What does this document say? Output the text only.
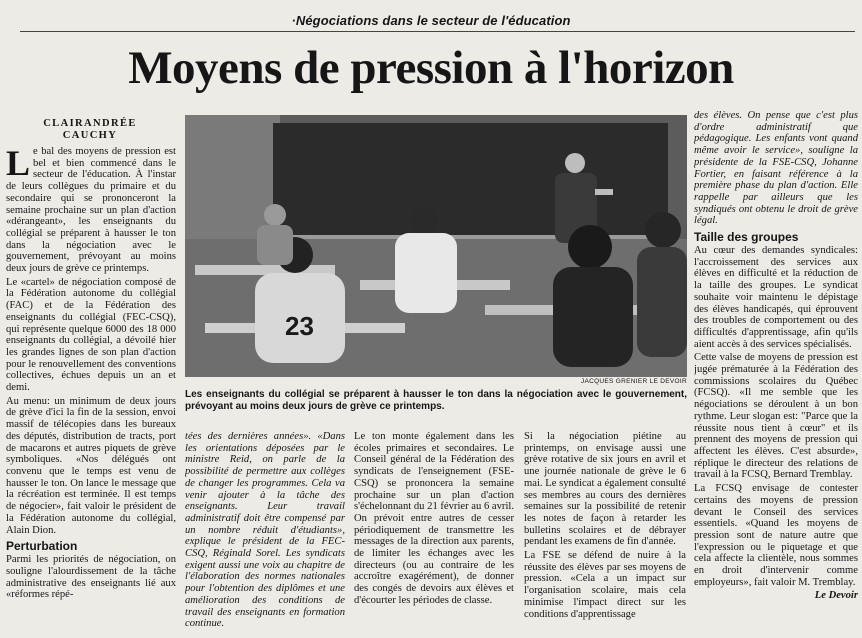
·Négociations dans le secteur de l'éducation
Moyens de pression à l'horizon
CLAIRANDRÉE
CAUCHY

Le bal des moyens de pression est bel et bien commencé dans le secteur de l'éducation. À l'instar de leurs collègues du primaire et du secondaire qui se prononceront la semaine prochaine sur un plan d'action «dérangeant», les enseignants du collégial se préparent à hausser le ton dans la négociation avec le gouvernement, prévoyant au moins deux jours de grève ce printemps.

Le «cartel» de négociation composé de la Fédération autonome du collégial (FAC) et de la Fédération des enseignants du collégial (FEC-CSQ), qui représente quelque 6000 des 18 000 enseignants du collégial, a dévoilé hier les grandes lignes de son plan d'action pour le renouvellement des conventions collectives, échues depuis un an et demi.

Au menu: un minimum de deux jours de grève d'ici la fin de la session, envoi massif de télécopies dans les bureaux des députés, distribution de tracts, port de macarons et autres piquets de grève symboliques. «Nos délégués ont convenu que le temps est venu de hausser le ton. On lance le message que la récréation est terminée. Il est temps de négocier», fait valoir le président de la Fédération autonome du collégial, Alain Dion.

Perturbation

Parmi les priorités de négociation, on souligne l'alourdissement de la tâche administrative des enseignants lié aux «réformes répé-

23
JACQUES GRENIER LE DEVOIR
Les enseignants du collégial se préparent à hausser le ton dans la négociation avec le gouvernement, prévoyant au moins deux jours de grève ce printemps.

tées des dernières années». «Dans les orientations déposées par le ministre Reid, on parle de la possibilité de permettre aux collèges de changer les programmes. Cela va venir ajouter à la tâche des enseignants. Leur travail administratif doit être compensé par un nombre réduit d'étudiants», explique le président de la FEC-CSQ, Réginald Sorel. Les syndicats exigent aussi une voix au chapitre de l'élaboration des normes nationales pour l'obtention des diplômes et une amélioration des conditions de travail des enseignants en formation continue.

Le ton monte également dans les écoles primaires et secondaires. Le Conseil général de la Fédération des syndicats de l'enseignement (FSE-CSQ) se prononcera la semaine prochaine sur un plan d'action s'échelonnant du 21 février au 6 avril. On prévoit entre autres de cesser périodiquement de transmettre les messages de la direction aux parents, de limiter les échanges avec les directeurs (ou au contraire de les accroître exagérément), de donner des congés de devoirs aux élèves et d'écourter les périodes de classe.

Si la négociation piétine au printemps, on envisage aussi une grève rotative de six jours en avril et une journée nationale de grève le 6 mai. Le syndicat a également consulté ses membres au cours des dernières semaines sur la possibilité de retenir les notes de façon à retarder les bulletins scolaires et de débrayer pendant les examens de fin d'année.

La FSE se défend de nuire à la réussite des élèves par ses moyens de pression. «Cela a un impact sur l'organisation scolaire, mais cela minimise l'impact direct sur les conditions d'apprentissage

des élèves. On pense que c'est plus d'ordre administratif que pédagogique. Les enfants vont quand même avoir le service», souligne la présidente de la FSE-CSQ, Johanne Fortier, en faisant référence à la première phase du plan d'action. Elle rappelle par ailleurs que les syndiqués ont obtenu le droit de grève légal.

Taille des groupes

Au cœur des demandes syndicales: l'accroissement des services aux élèves en difficulté et la réduction de la taille des groupes. Le syndicat souhaite voir maintenu le dépistage des élèves handicapés, qui éprouvent des troubles de comportement ou des difficultés d'apprentissage, afin qu'ils aient accès à des services spécialisés.

Cette valse de moyens de pression est jugée prématurée à la Fédération des commissions scolaires du Québec (FCSQ). «Il me semble que les négociations se déroulent à un bon rythme. Leur slogan est: "Parce que la réussite nous tient à cœur" et ils prennent des moyens de pression qui affectent les élèves. C'est absurde», réplique le directeur des relations de travail à la FCSQ, Bernard Tremblay.

La FCSQ envisage de contester certains des moyens de pression devant le Conseil des services essentiels. «Quand les moyens de pression sont de nature autre que l'expression ou le piquetage et que cela affecte la clientèle, nous sommes en droit d'intervenir comme employeurs», fait valoir M. Tremblay.

Le Devoir
